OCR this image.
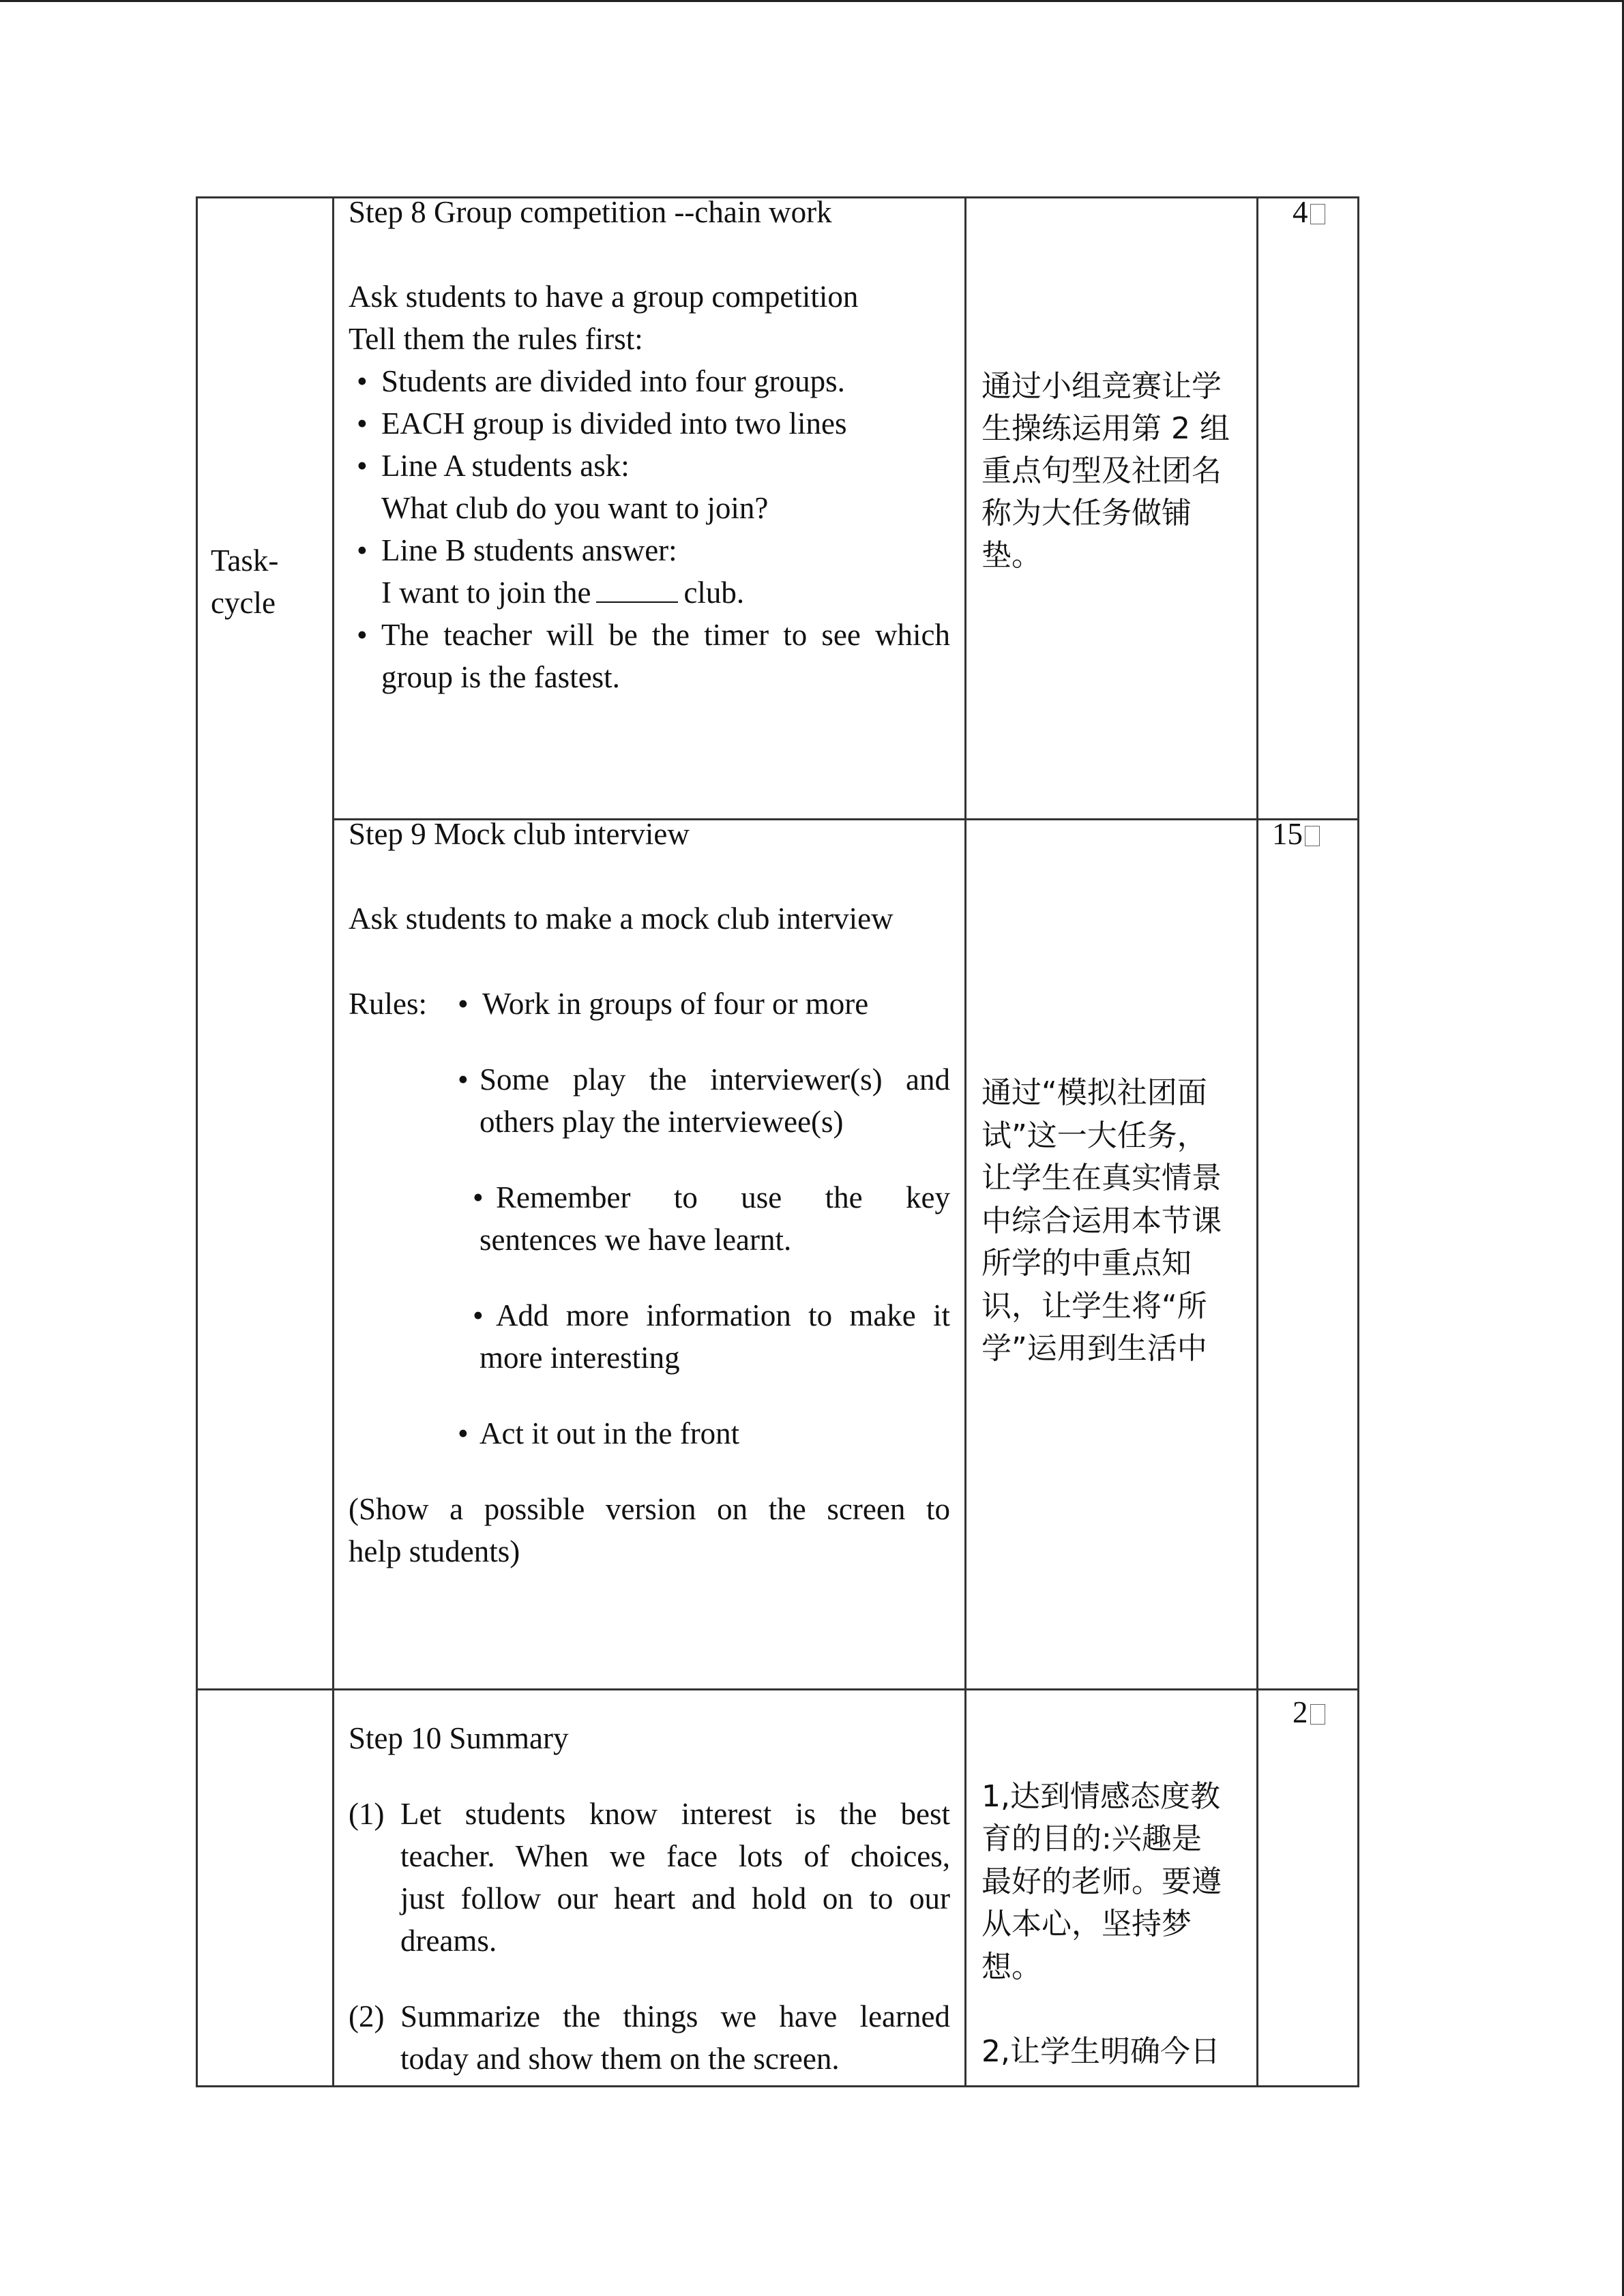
Task-
cycle
Step 8 Group competition --chain work
Ask students to have a group competition
Tell them the rules first:
• Students are divided into four groups.
• EACH group is divided into two lines
• Line A students ask:
What club do you want to join?
• Line B students answer:
I want to join the	club.
• The teacher will be the timer to see which
group is the fastest.
通过小组竞赛让学
生操练运用第 2 组
重点句型及社团名
称为大任务做铺
垫。
4
Step 9 Mock club interview
Ask students to make a mock club interview
Rules: • Work in groups of four or more
• Some play the interviewer(s) and
others play the interviewee(s)
• Remember to use the key
sentences we have learnt.
• Add more information to make it
more interesting
• Act it out in the front
(Show a possible version on the screen to
help students)
通过“模拟社团面
试”这一大任务，
让学生在真实情景
中综合运用本节课
所学的中重点知
识，让学生将“所
学”运用到生活中
15
Step 10 Summary
(1) Let students know interest is the best
teacher. When we face lots of choices,
just follow our heart and hold on to our
dreams.
(2) Summarize the things we have learned
today and show them on the screen.
1,达到情感态度教
育的目的:兴趣是
最好的老师。要遵
从本心，坚持梦
想。
2,让学生明确今日
2
